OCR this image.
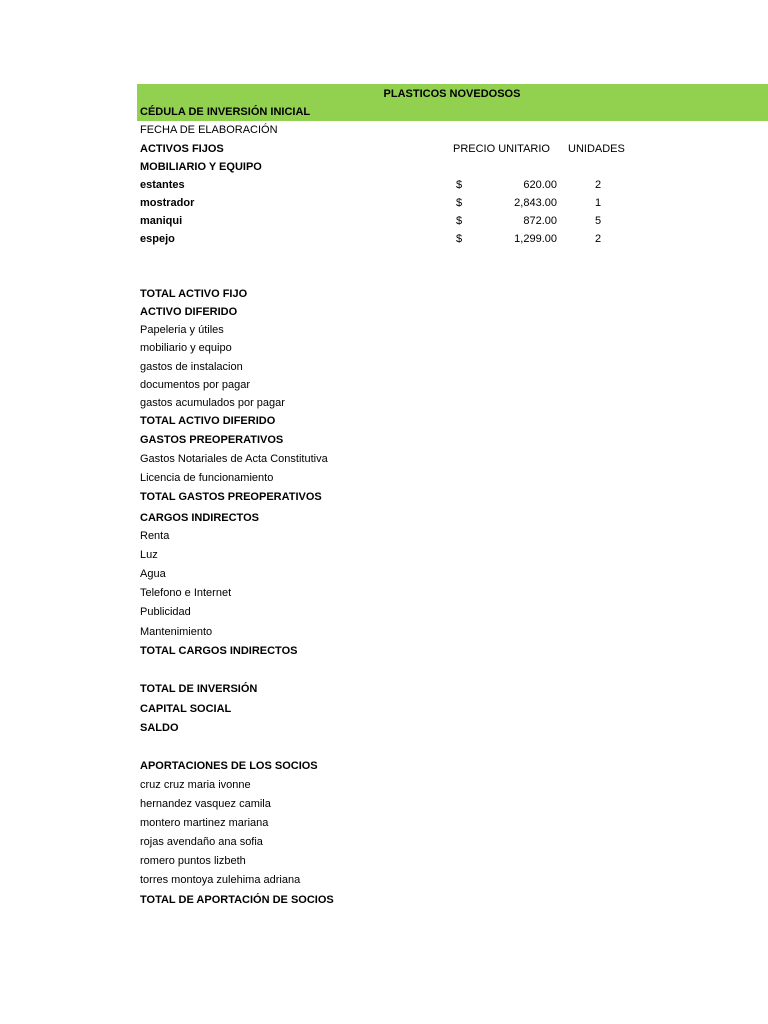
PLASTICOS NOVEDOSOS
CÉDULA DE INVERSIÓN INICIAL
FECHA DE ELABORACIÓN
ACTIVOS FIJOS	PRECIO UNITARIO UNIDADES
MOBILIARIO Y EQUIPO
estantes	$	620.00	2
mostrador	$	2,843.00	1
maniqui	$	872.00	5
espejo	$	1,299.00	2
TOTAL ACTIVO FIJO
ACTIVO DIFERIDO
Papeleria y útiles
mobiliario y equipo
gastos de instalacion
documentos por pagar
gastos acumulados por pagar
TOTAL ACTIVO DIFERIDO
GASTOS PREOPERATIVOS
Gastos Notariales de Acta Constitutiva
Licencia de funcionamiento
TOTAL GASTOS PREOPERATIVOS
CARGOS INDIRECTOS
Renta
Luz
Agua
Telefono e Internet
Publicidad
Mantenimiento
TOTAL CARGOS INDIRECTOS
TOTAL DE INVERSIÓN
CAPITAL SOCIAL
SALDO
APORTACIONES DE LOS SOCIOS
cruz cruz maria ivonne
hernandez vasquez camila
montero martinez mariana
rojas avendaño ana sofia
romero puntos lizbeth
torres montoya zulehima adriana
TOTAL DE APORTACIÓN DE SOCIOS
